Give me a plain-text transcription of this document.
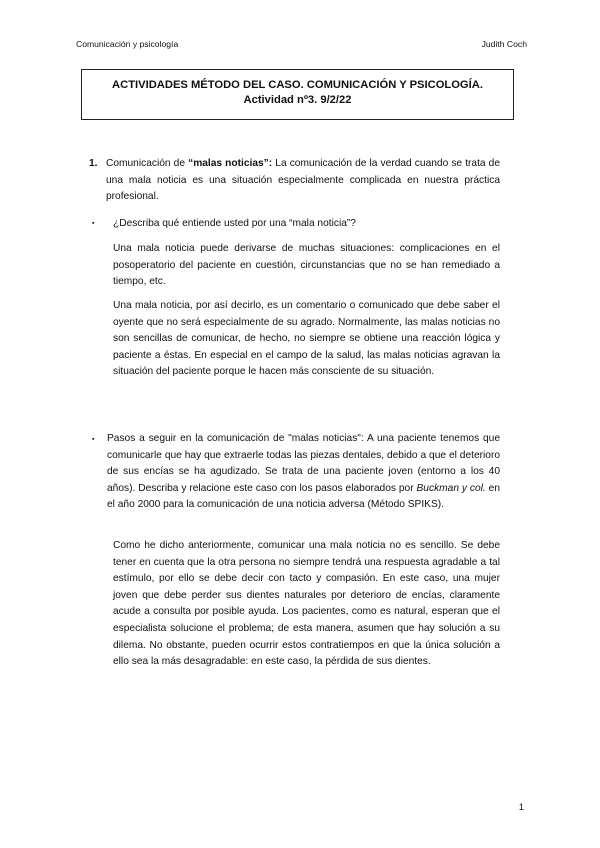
Comunicación y psicología	Judith Coch
ACTIVIDADES MÉTODO DEL CASO. COMUNICACIÓN Y PSICOLOGÍA.
Actividad nº3. 9/2/22
1. Comunicación de “malas noticias”: La comunicación de la verdad cuando se trata de una mala noticia es una situación especialmente complicada en nuestra práctica profesional.
▪ ¿Describa qué entiende usted por una “mala noticia”?
Una mala noticia puede derivarse de muchas situaciones: complicaciones en el posoperatorio del paciente en cuestión, circunstancias que no se han remediado a tiempo, etc.
Una mala noticia, por así decirlo, es un comentario o comunicado que debe saber el oyente que no será especialmente de su agrado. Normalmente, las malas noticias no son sencillas de comunicar, de hecho, no siempre se obtiene una reacción lógica y paciente a éstas. En especial en el campo de la salud, las malas noticias agravan la situación del paciente porque le hacen más consciente de su situación.
▪ Pasos a seguir en la comunicación de "malas noticias": A una paciente tenemos que comunicarle que hay que extraerle todas las piezas dentales, debido a que el deterioro de sus encías se ha agudizado. Se trata de una paciente joven (entorno a los 40 años). Describa y relacione este caso con los pasos elaborados por Buckman y col. en el año 2000 para la comunicación de una noticia adversa (Método SPIKS).
Como he dicho anteriormente, comunicar una mala noticia no es sencillo. Se debe tener en cuenta que la otra persona no siempre tendrá una respuesta agradable a tal estímulo, por ello se debe decir con tacto y compasión. En este caso, una mujer joven que debe perder sus dientes naturales por deterioro de encías, claramente acude a consulta por posible ayuda. Los pacientes, como es natural, esperan que el especialista solucione el problema; de esta manera, asumen que hay solución a su dilema. No obstante, pueden ocurrir estos contratiempos en que la única solución a ello sea la más desagradable: en este caso, la pérdida de sus dientes.
1
